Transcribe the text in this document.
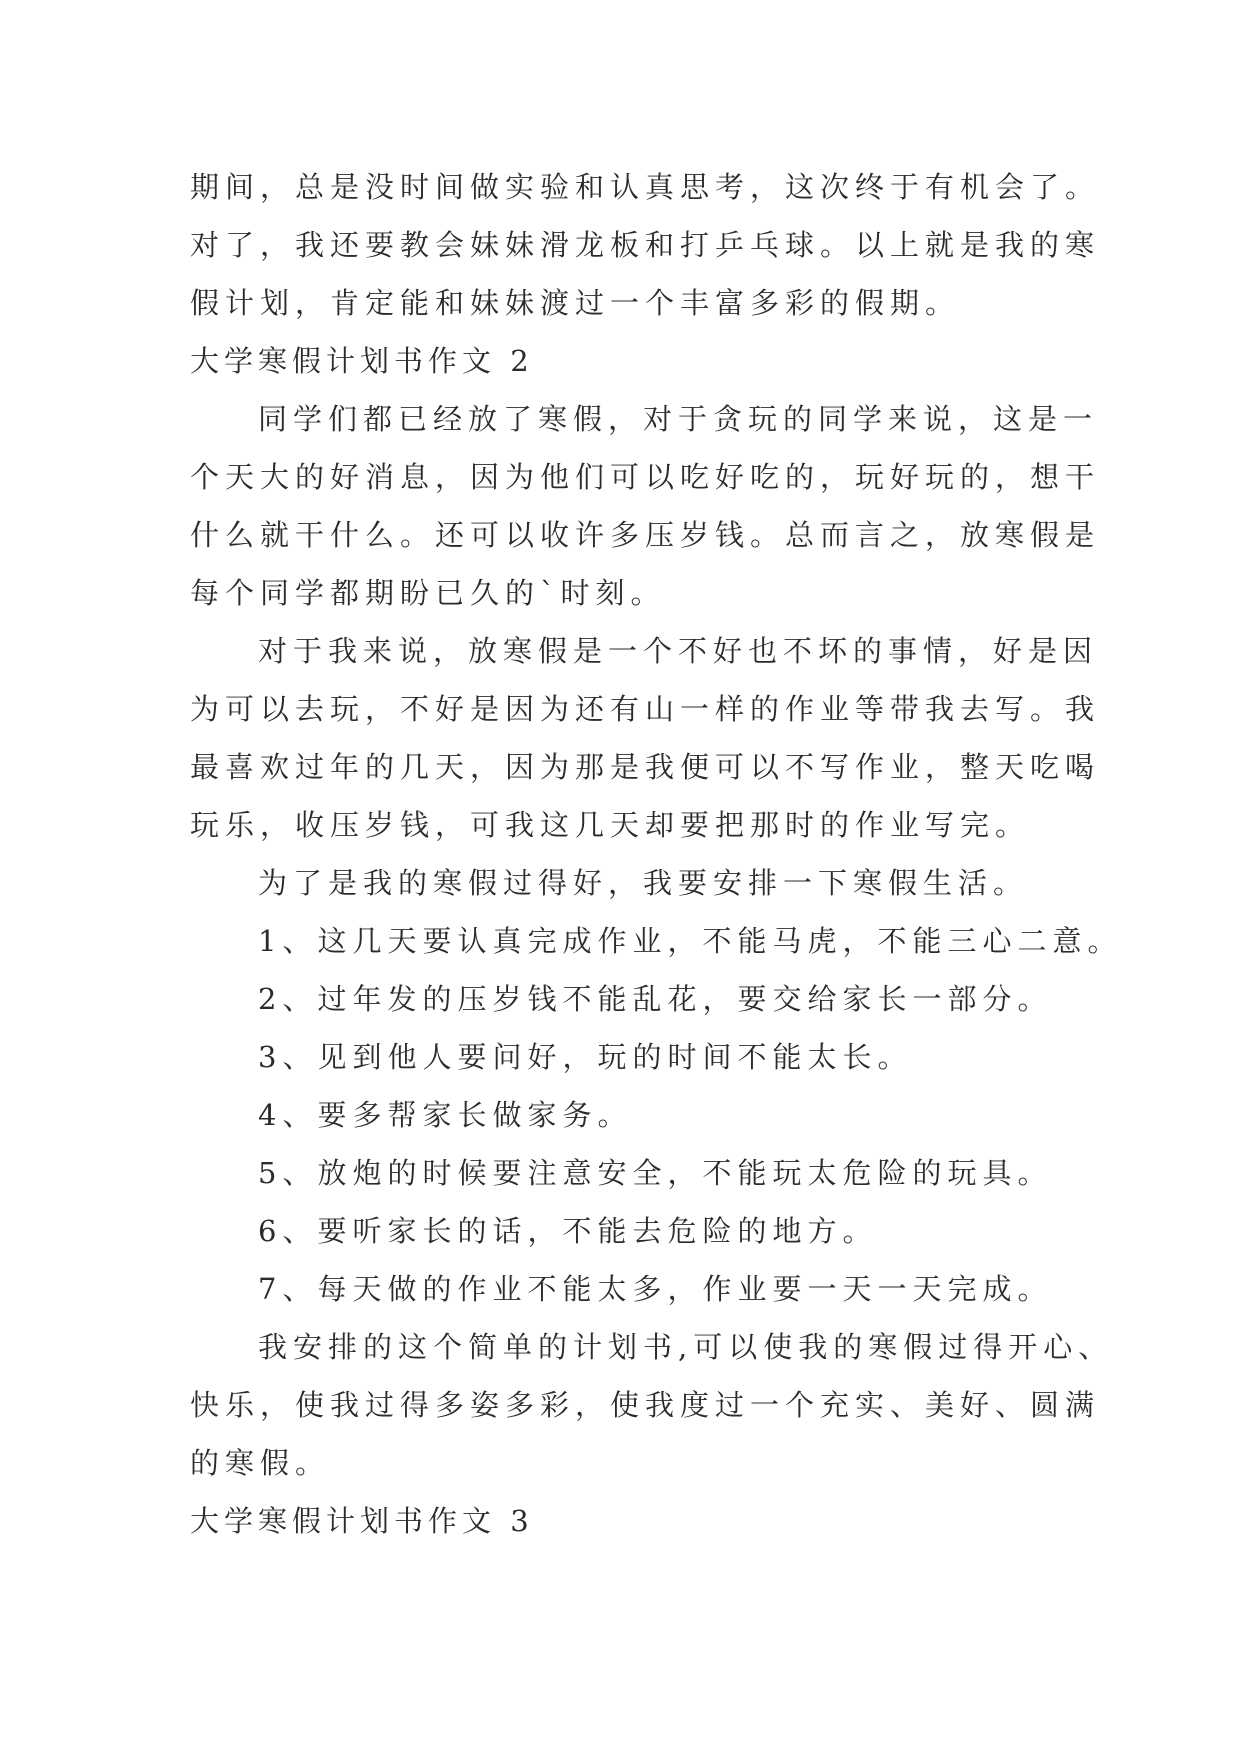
期间，总是没时间做实验和认真思考，这次终于有机会了。
对了，我还要教会妹妹滑龙板和打乒乓球。以上就是我的寒
假计划，肯定能和妹妹渡过一个丰富多彩的假期。
大学寒假计划书作文 2
同学们都已经放了寒假，对于贪玩的同学来说，这是一
个天大的好消息，因为他们可以吃好吃的，玩好玩的，想干
什么就干什么。还可以收许多压岁钱。总而言之，放寒假是
每个同学都期盼已久的`时刻。
对于我来说，放寒假是一个不好也不坏的事情，好是因
为可以去玩，不好是因为还有山一样的作业等带我去写。我
最喜欢过年的几天，因为那是我便可以不写作业，整天吃喝
玩乐，收压岁钱，可我这几天却要把那时的作业写完。
为了是我的寒假过得好，我要安排一下寒假生活。
1、这几天要认真完成作业，不能马虎，不能三心二意。
2、过年发的压岁钱不能乱花，要交给家长一部分。
3、见到他人要问好，玩的时间不能太长。
4、要多帮家长做家务。
5、放炮的时候要注意安全，不能玩太危险的玩具。
6、要听家长的话，不能去危险的地方。
7、每天做的作业不能太多，作业要一天一天完成。
我安排的这个简单的计划书,可以使我的寒假过得开心、
快乐，使我过得多姿多彩，使我度过一个充实、美好、圆满
的寒假。
大学寒假计划书作文 3
